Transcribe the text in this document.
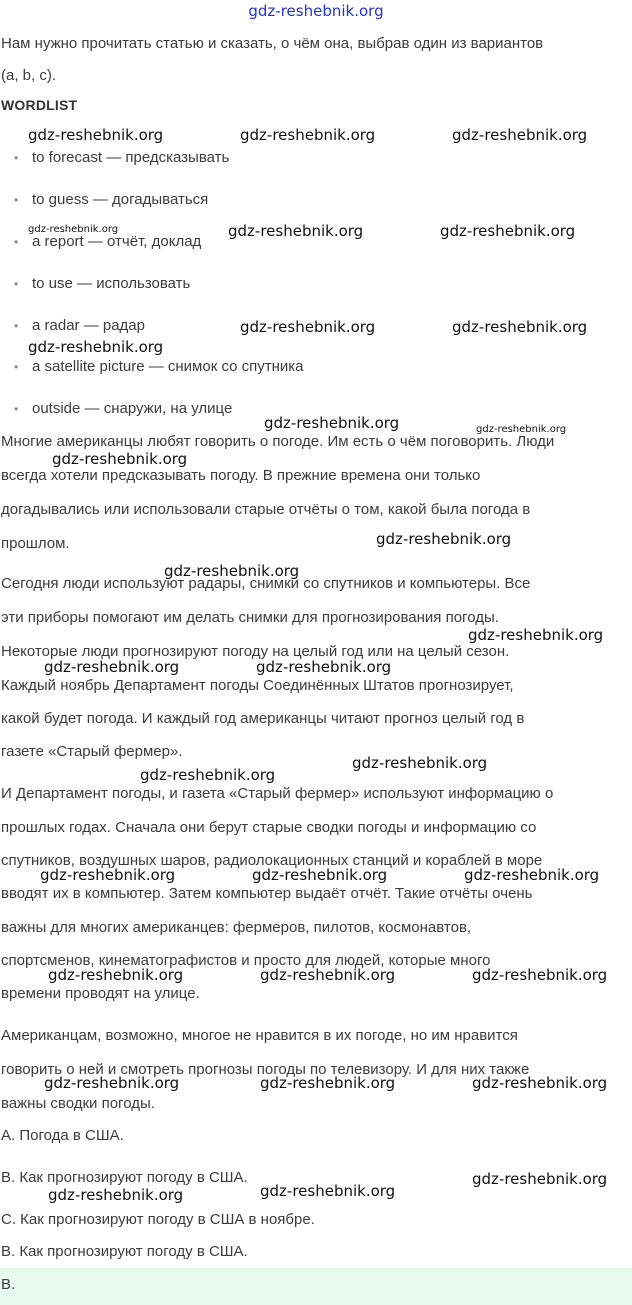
gdz-reshebnik.org
Нам нужно прочитать статью и сказать, о чём она, выбрав один из вариантов
(a, b, c).
WORDLIST
• to forecast — предсказывать
• to guess — догадываться
• a report — отчёт, доклад
• to use — использовать
• a radar — радар
• a satellite picture — снимок со спутника
• outside — снаружи, на улице
Многие американцы любят говорить о погоде. Им есть о чём поговорить. Люди
всегда хотели предсказывать погоду. В прежние времена они только
догадывались или использовали старые отчёты о том, какой была погода в
прошлом.
Сегодня люди используют радары, снимки со спутников и компьютеры. Все
эти приборы помогают им делать снимки для прогнозирования погоды.
Некоторые люди прогнозируют погоду на целый год или на целый сезон.
Каждый ноябрь Департамент погоды Соединённых Штатов прогнозирует,
какой будет погода. И каждый год американцы читают прогноз целый год в
газете «Старый фермер».
И Департамент погоды, и газета «Старый фермер» используют информацию о
прошлых годах. Сначала они берут старые сводки погоды и информацию со
спутников, воздушных шаров, радиолокационных станций и кораблей в море
вводят их в компьютер. Затем компьютер выдаёт отчёт. Такие отчёты очень
важны для многих американцев: фермеров, пилотов, космонавтов,
спортсменов, кинематографистов и просто для людей, которые много
времени проводят на улице.
Американцам, возможно, многое не нравится в их погоде, но им нравится
говорить о ней и смотреть прогнозы погоды по телевизору. И для них также
важны сводки погоды.
A. Погода в США.
B. Как прогнозируют погоду в США.
C. Как прогнозируют погоду в США в ноябре.
B. Как прогнозируют погоду в США.
B.
gdz-reshebnik.org	gdz-reshebnik.org	gdz-reshebnik.org
gdz-reshebnik.org	gdz-reshebnik.org	gdz-reshebnik.org
gdz-reshebnik.org	gdz-reshebnik.org
gdz-reshebnik.org
gdz-reshebnik.org	gdz-reshebnik.org
gdz-reshebnik.org
gdz-reshebnik.org
gdz-reshebnik.org
gdz-reshebnik.org
gdz-reshebnik.org	gdz-reshebnik.org
gdz-reshebnik.org
gdz-reshebnik.org
gdz-reshebnik.org	gdz-reshebnik.org	gdz-reshebnik.org
gdz-reshebnik.org	gdz-reshebnik.org	gdz-reshebnik.org
gdz-reshebnik.org	gdz-reshebnik.org	gdz-reshebnik.org
gdz-reshebnik.org
gdz-reshebnik.org	gdz-reshebnik.org
